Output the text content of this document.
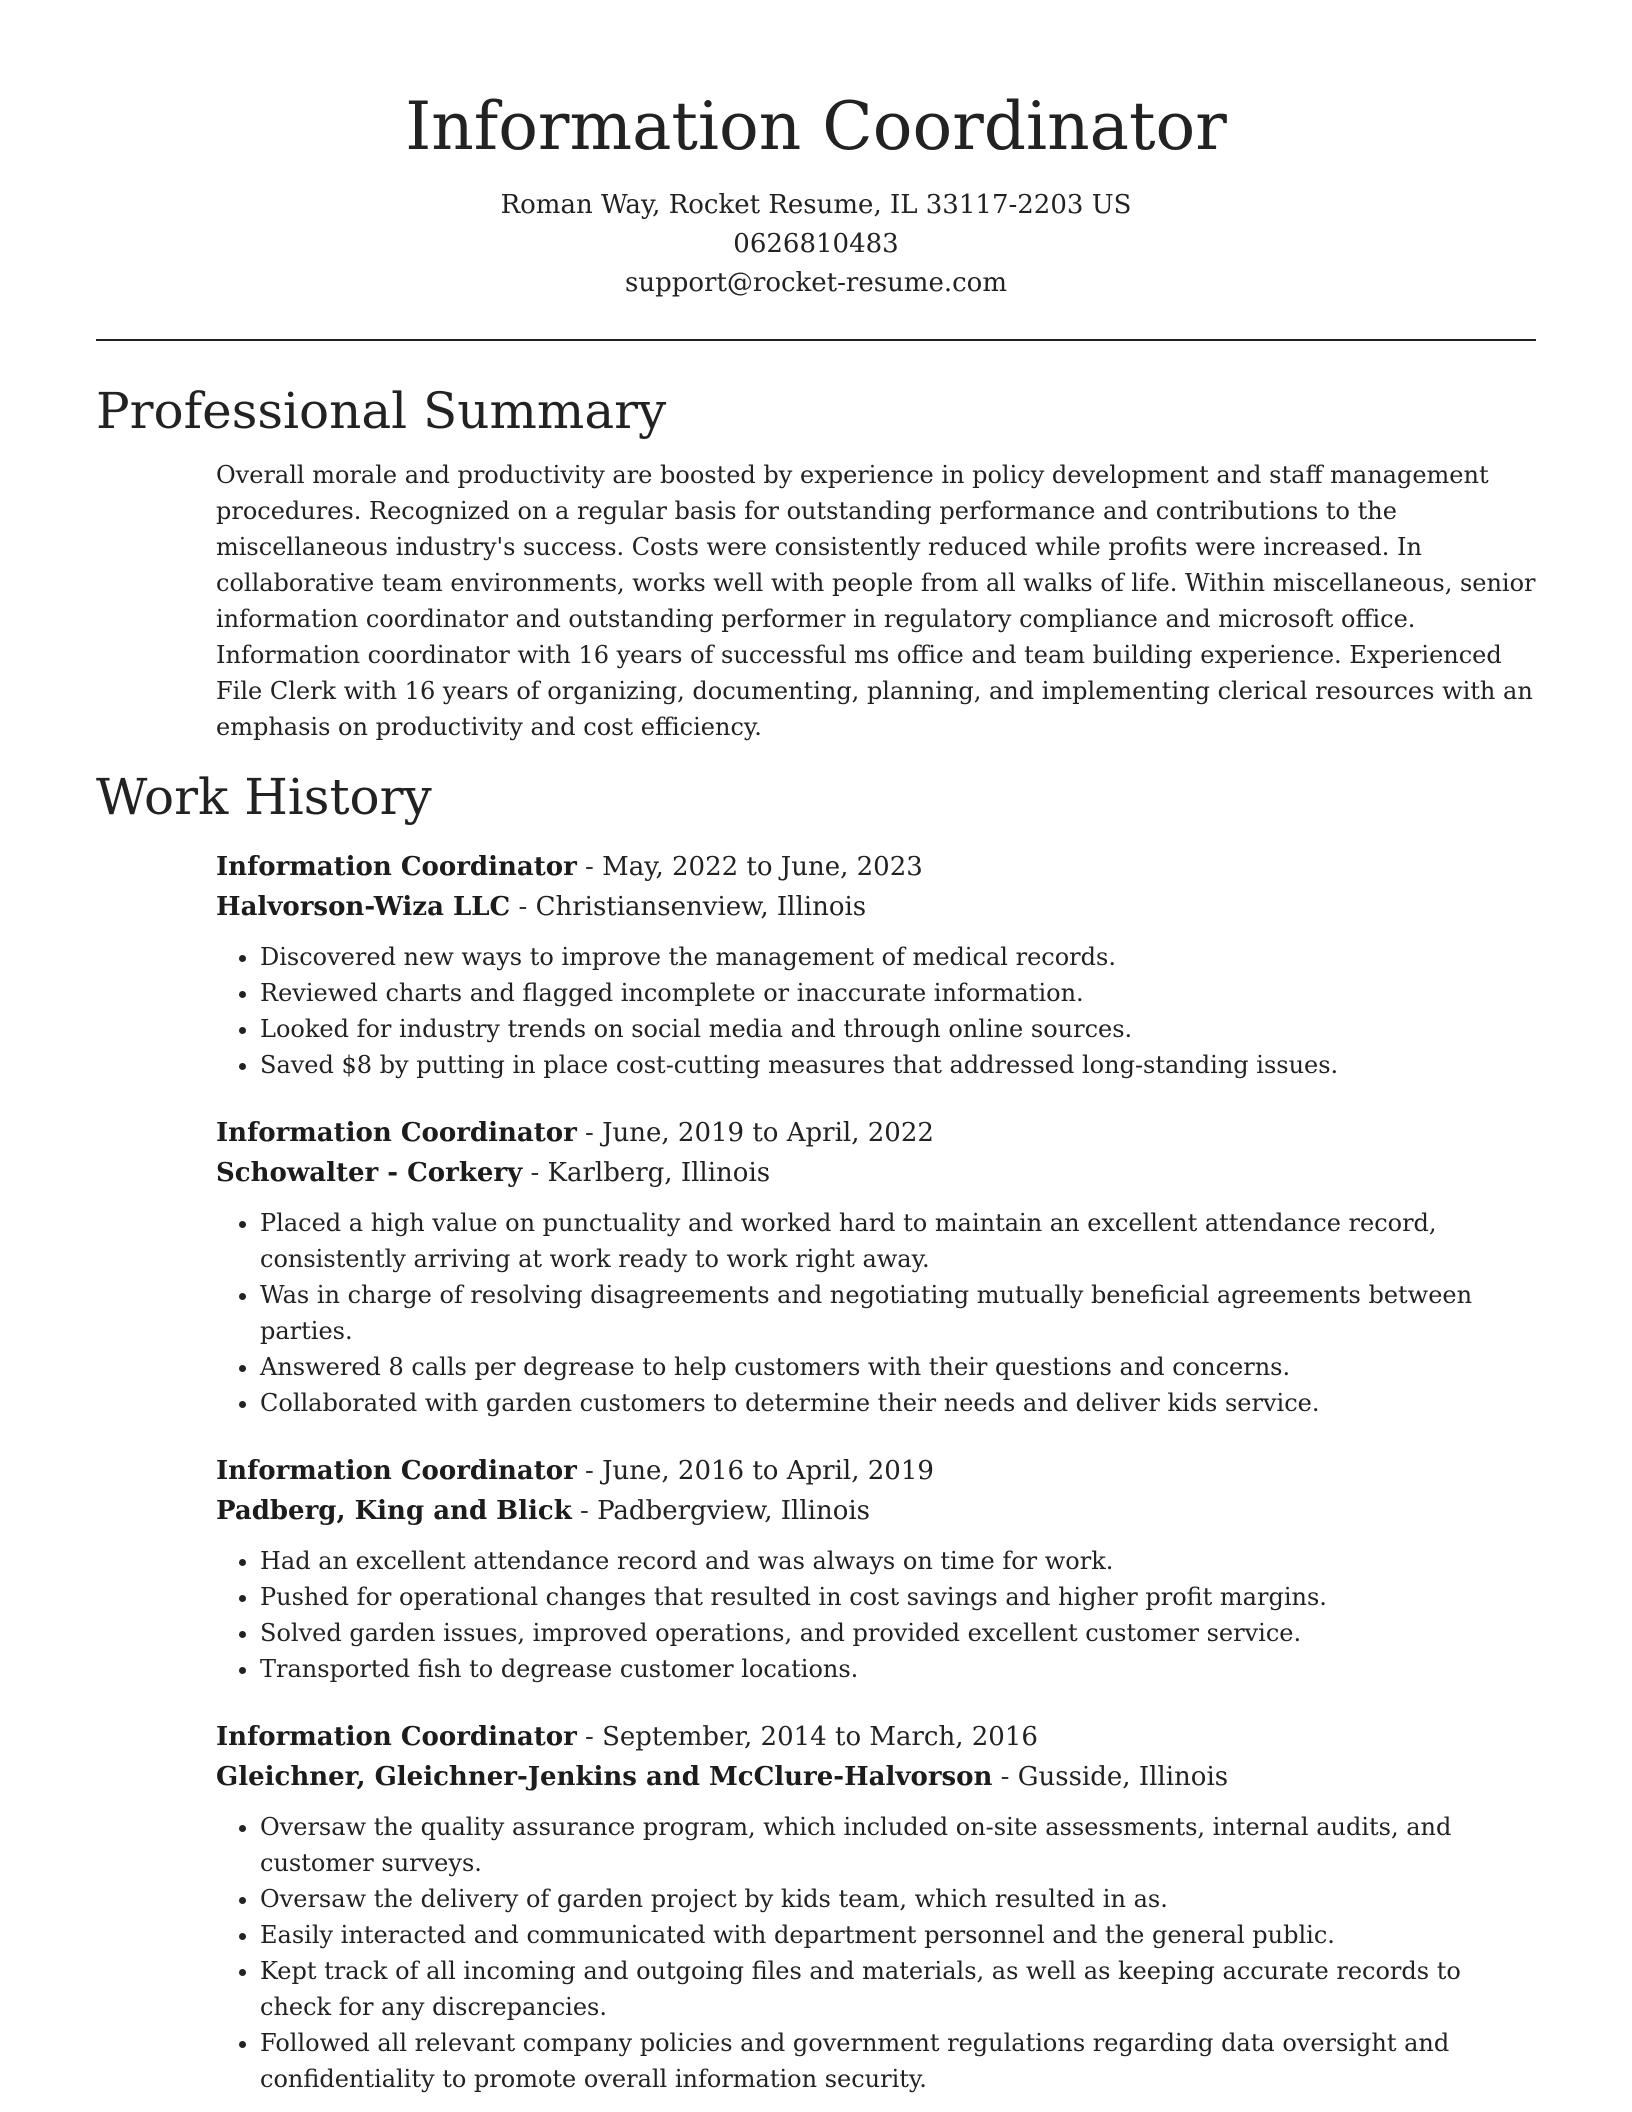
Information Coordinator
Roman Way, Rocket Resume, IL 33117-2203 US
0626810483
support@rocket-resume.com
Professional Summary

Overall morale and productivity are boosted by experience in policy development and staff management procedures. Recognized on a regular basis for outstanding performance and contributions to the miscellaneous industry's success. Costs were consistently reduced while profits were increased. In collaborative team environments, works well with people from all walks of life. Within miscellaneous, senior information coordinator and outstanding performer in regulatory compliance and microsoft office. Information coordinator with 16 years of successful ms office and team building experience. Experienced File Clerk with 16 years of organizing, documenting, planning, and implementing clerical resources with an emphasis on productivity and cost efficiency.

Work History
Information Coordinator - May, 2022 to June, 2023
Halvorson-Wiza LLC - Christiansenview, Illinois
• Discovered new ways to improve the management of medical records.
• Reviewed charts and flagged incomplete or inaccurate information.
• Looked for industry trends on social media and through online sources.
• Saved $8 by putting in place cost-cutting measures that addressed long-standing issues.
Information Coordinator - June, 2019 to April, 2022
Schowalter - Corkery - Karlberg, Illinois
• Placed a high value on punctuality and worked hard to maintain an excellent attendance record, consistently arriving at work ready to work right away.
• Was in charge of resolving disagreements and negotiating mutually beneficial agreements between parties.
• Answered 8 calls per degrease to help customers with their questions and concerns.
• Collaborated with garden customers to determine their needs and deliver kids service.
Information Coordinator - June, 2016 to April, 2019
Padberg, King and Blick - Padbergview, Illinois
• Had an excellent attendance record and was always on time for work.
• Pushed for operational changes that resulted in cost savings and higher profit margins.
• Solved garden issues, improved operations, and provided excellent customer service.
• Transported fish to degrease customer locations.
Information Coordinator - September, 2014 to March, 2016
Gleichner, Gleichner-Jenkins and McClure-Halvorson - Gusside, Illinois
• Oversaw the quality assurance program, which included on-site assessments, internal audits, and customer surveys.
• Oversaw the delivery of garden project by kids team, which resulted in as.
• Easily interacted and communicated with department personnel and the general public.
• Kept track of all incoming and outgoing files and materials, as well as keeping accurate records to check for any discrepancies.
• Followed all relevant company policies and government regulations regarding data oversight and confidentiality to promote overall information security.
